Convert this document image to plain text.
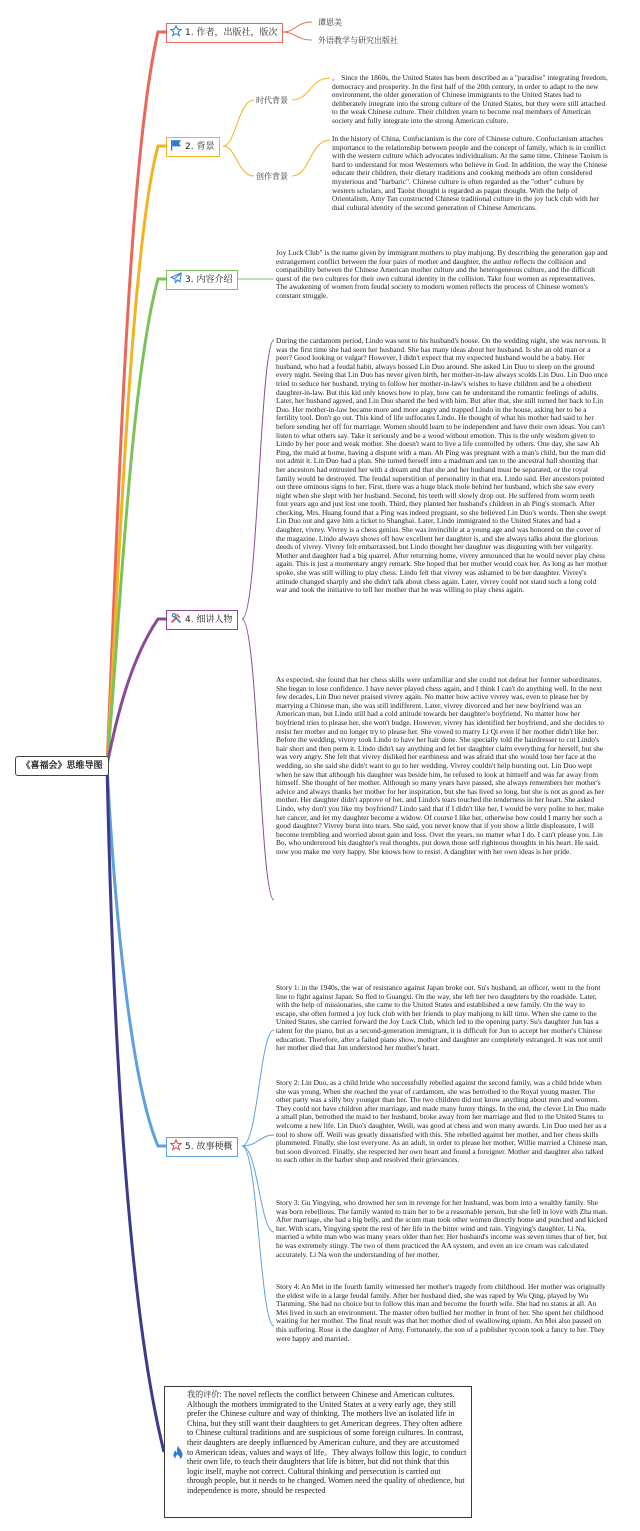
《喜福会》思维导图
1. 作者，出版社，版次
谭恩美
外语教学与研究出版社
2. 背景
时代背景
创作背景
。 Since the 1860s, the United States has been described as a "paradise" integrating freedom, democracy and prosperity. In the first half of the 20th century, in order to adapt to the new environment, the older generation of Chinese immigrants to the United States had to deliberately integrate into the strong culture of the United States, but they were still attached to the weak Chinese culture. Their children yearn to become real members of American society and fully integrate into the strong American culture.
In the history of China, Confucianism is the core of Chinese culture. Confucianism attaches importance to the relationship between people and the concept of family, which is in conflict with the western culture which advocates individualism. At the same time, Chinese Taoism is hard to understand for most Westerners who believe in God. In addition, the way the Chinese educate their children, their dietary traditions and cooking methods are often considered mysterious and "barbaric". Chinese culture is often regarded as the "other" culture by western scholars, and Taoist thought is regarded as pagan thought. With the help of Orientalism, Amy Tan constructed Chinese traditional culture in the joy luck club with her dual cultural identity of the second generation of Chinese Americans.
3. 内容介绍
Joy Luck Club" is the name given by immigrant mothers to play mahjong. By describing the generation gap and estrangement conflict between the four pairs of mother and daughter, the author reflects the collision and compatibility between the Chinese American mother culture and the heterogeneous culture, and the difficult quest of the two cultures for their own cultural identity in the collision. Take four women as representatives. The awakening of women from feudal society to modern women reflects the process of Chinese women's constant struggle.
4. 细讲人物
During the cardamom period, Lindo was sent to his husband's house. On the wedding night, she was nervous. It was the first time she had seen her husband. She has many ideas about her husband. Is she an old man or a peer? Good looking or vulgar? However, I didn't expect that my expected husband would be a baby. Her husband, who had a feudal habit, always bossed Lin Duo around. She asked Lin Duo to sleep on the ground every night. Seeing that Lin Duo has never given birth, her mother-in-law always scolds Lin Duo. Lin Duo once tried to seduce her husband, trying to follow her mother-in-law's wishes to have children and be a obedient daughter-in-law. But this kid only knows how to play, how can he understand the romantic feelings of adults. Later, her husband agreed, and Lin Duo shared the bed with him. But after that, she still turned her back to Lin Duo. Her mother-in-law became more and more angry and trapped Lindo in the house, asking her to be a fertility tool. Don't go out. This kind of life suffocates Lindo. He thought of what his mother had said to her before sending her off for marriage. Women should learn to be independent and have their own ideas. You can't listen to what others say. Take it seriously and be a wood without emotion. This is the only wisdom given to Lindo by her poor and weak mother. She doesn't want to live a life controlled by others. One day, she saw Ah Ping, the maid at home, having a dispute with a man. Ah Ping was pregnant with a man's child, but the man did not admit it. Lin Duo had a plan. She turned herself into a madman and ran to the ancestral hall shouting that her ancestors had entrusted her with a dream and that she and her husband must be separated, or the royal family would be destroyed. The feudal superstition of personality in that era. Lindo said. Her ancestors pointed out three ominous signs to her. First, there was a huge black mole behind her husband, which she saw every night when she slept with her husband. Second, his teeth will slowly drop out. He suffered from worm teeth four years ago and just lost one tooth. Third, they planted her husband's children in ah Ping's stomach. After checking, Mrs. Huang found that a Ping was indeed pregnant, so she believed Lin Duo's words. Then she swept Lin Duo out and gave him a ticket to Shanghai. Later, Lindo immigrated to the United States and had a daughter, vivrey. Vivrey is a chess genius. She was invincible at a young age and was honored on the cover of the magazine. Lindo always shows off how excellent her daughter is, and she always talks about the glorious deeds of vivrey. Vivrey felt embarrassed, but Lindo thought her daughter was disgusting with her vulgarity. Mother and daughter had a big quarrel. After returning home, vivrey announced that he would never play chess again. This is just a momentary angry remark. She hoped that her mother would coax her. As long as her mother spoke, she was still willing to play chess. Lindo felt that vivrey was ashamed to be her daughter. Vivrey's attitude changed sharply and she didn't talk about chess again. Later, vivrey could not stand such a long cold war and took the initiative to tell her mother that he was willing to play chess again.
As expected, she found that her chess skills were unfamiliar and she could not defeat her former subordinates. She began to lose confidence. I have never played chess again, and I think I can't do anything well. In the next few decades, Lin Duo never praised vivrey again. No matter how active vivrey was, even to please her by marrying a Chinese man, she was still indifferent. Later, vivrey divorced and her new boyfriend was an American man, but Lindo still had a cold attitude towards her daughter's boyfriend. No matter how her boyfriend tries to please her, she won't budge. However, vivrey has identified her boyfriend, and she decides to resist her mother and no longer try to please her. She vowed to marry Li Qi even if her mother didn't like her. Before the wedding, vivrey took Lindo to have her hair done. She specially told the hairdresser to cut Lindo's hair short and then perm it. Lindo didn't say anything and let her daughter claim everything for herself, but she was very angry. She felt that vivrey disliked her earthiness and was afraid that she would lose her face at the wedding, so she said she didn't want to go to her wedding. Vivrey couldn't help bursting out. Lin Duo wept when he saw that although his daughter was beside him, he refused to look at himself and was far away from himself. She thought of her mother. Although so many years have passed, she always remembers her mother's advice and always thanks her mother for her inspiration, but she has lived so long, but she is not as good as her mother. Her daughter didn't approve of her, and Lindo's tears touched the tenderness in her heart. She asked Lindo, why don't you like my boyfriend? Lindo said that if I didn't like her, I would be very polite to her, make her cancer, and let my daughter become a widow. Of course I like her, otherwise how could I marry her such a good daughter? Vivrey burst into tears. She said, you never know that if you show a little displeasure, I will become trembling and worried about gain and loss. Over the years, no matter what I do. I can't please you. Lin Bo, who understood his daughter's real thoughts, put down those self righteous thoughts in his heart. He said, now you make me very happy. She knows how to resist. A daughter with her own ideas is her pride.
5. 故事梗概
Story 1: in the 1940s, the war of resistance against Japan broke out. Su's husband, an officer, went to the front line to fight against Japan. Su fled to Guangxi. On the way, she left her two daughters by the roadside. Later, with the help of missionaries, she came to the United States and established a new family. On the way to escape, she often formed a joy luck club with her friends to play mahjong to kill time. When she came to the United States, she carried forward the Joy Luck Club, which led to the opening party. Su's daughter Jun has a talent for the piano, but as a second-generation immigrant, it is difficult for Jun to accept her mother's Chinese education. Therefore, after a failed piano show, mother and daughter are completely estranged. It was not until her mother died that Jun understood her mother's heart.
Story 2: Lin Duo, as a child bride who successfully rebelled against the second family, was a child bride when she was young. When she reached the year of cardamom, she was betrothed to the Royal young master. The other party was a silly boy younger than her. The two children did not know anything about men and women. They could not have children after marriage, and made many funny things. In the end, the clever Lin Duo made a small plan, betrothed the maid to her husband, broke away from her marriage and fled to the United States to welcome a new life. Lin Duo's daughter, Weili, was good at chess and won many awards. Lin Duo used her as a tool to show off. Weili was greatly dissatisfied with this. She rebelled against her mother, and her chess skills plummeted. Finally, she lost everyone. As an adult, in order to please her mother, Willie married a Chinese man, but soon divorced. Finally, she respected her own heart and found a foreigner. Mother and daughter also talked to each other in the barber shop and resolved their grievances.
Story 3: Gu Yingying, who drowned her son in revenge for her husband, was born into a wealthy family. She was born rebellious. The family wanted to train her to be a reasonable person, but she fell in love with Zha man. After marriage, she had a big belly, and the scum man took other women directly home and punched and kicked her. With scars, Yingying spent the rest of her life in the bitter wind and rain. Yingying's daughter, Li Na, married a white man who was many years older than her. Her husband's income was seven times that of her, but he was extremely stingy. The two of them practiced the AA system, and even an ice cream was calculated accurately. Li Na won the understanding of her mother.
Story 4: An Mei in the fourth family witnessed her mother's tragedy from childhood. Her mother was originally the eldest wife in a large feudal family. After her husband died, she was raped by Wu Qing, played by Wu Tianming. She had no choice but to follow this man and become the fourth wife. She had no status at all. An Mei lived in such an environment. The master often bullied her mother in front of her. She spent her childhood waiting for her mother. The final result was that her mother died of swallowing opium. An Mei also passed on this suffering. Rose is the daughter of Amy. Fortunately, the son of a publisher tycoon took a fancy to her. They were happy and married.
我的评价: The novel reflects the conflict between Chinese and American cultures. Although the mothers immigrated to the United States at a very early age, they still prefer the Chinese culture and way of thinking. The mothers live an isolated life in China, but they still want their daughters to get American degrees. They often adhere to Chinese cultural traditions and are suspicious of some foreign cultures. In contrast, their daughters are deeply influenced by American culture, and they are accustomed to American ideas, values and ways of life。They always follow this logic, to conduct their own life, to teach their daughters that life is bitter, but did not think that this logic itself, maybe not correct. Cultural thinking and persecution is carried out through people, but it needs to be changed. Women need the quality of obedience, but independence is more, should be respected
